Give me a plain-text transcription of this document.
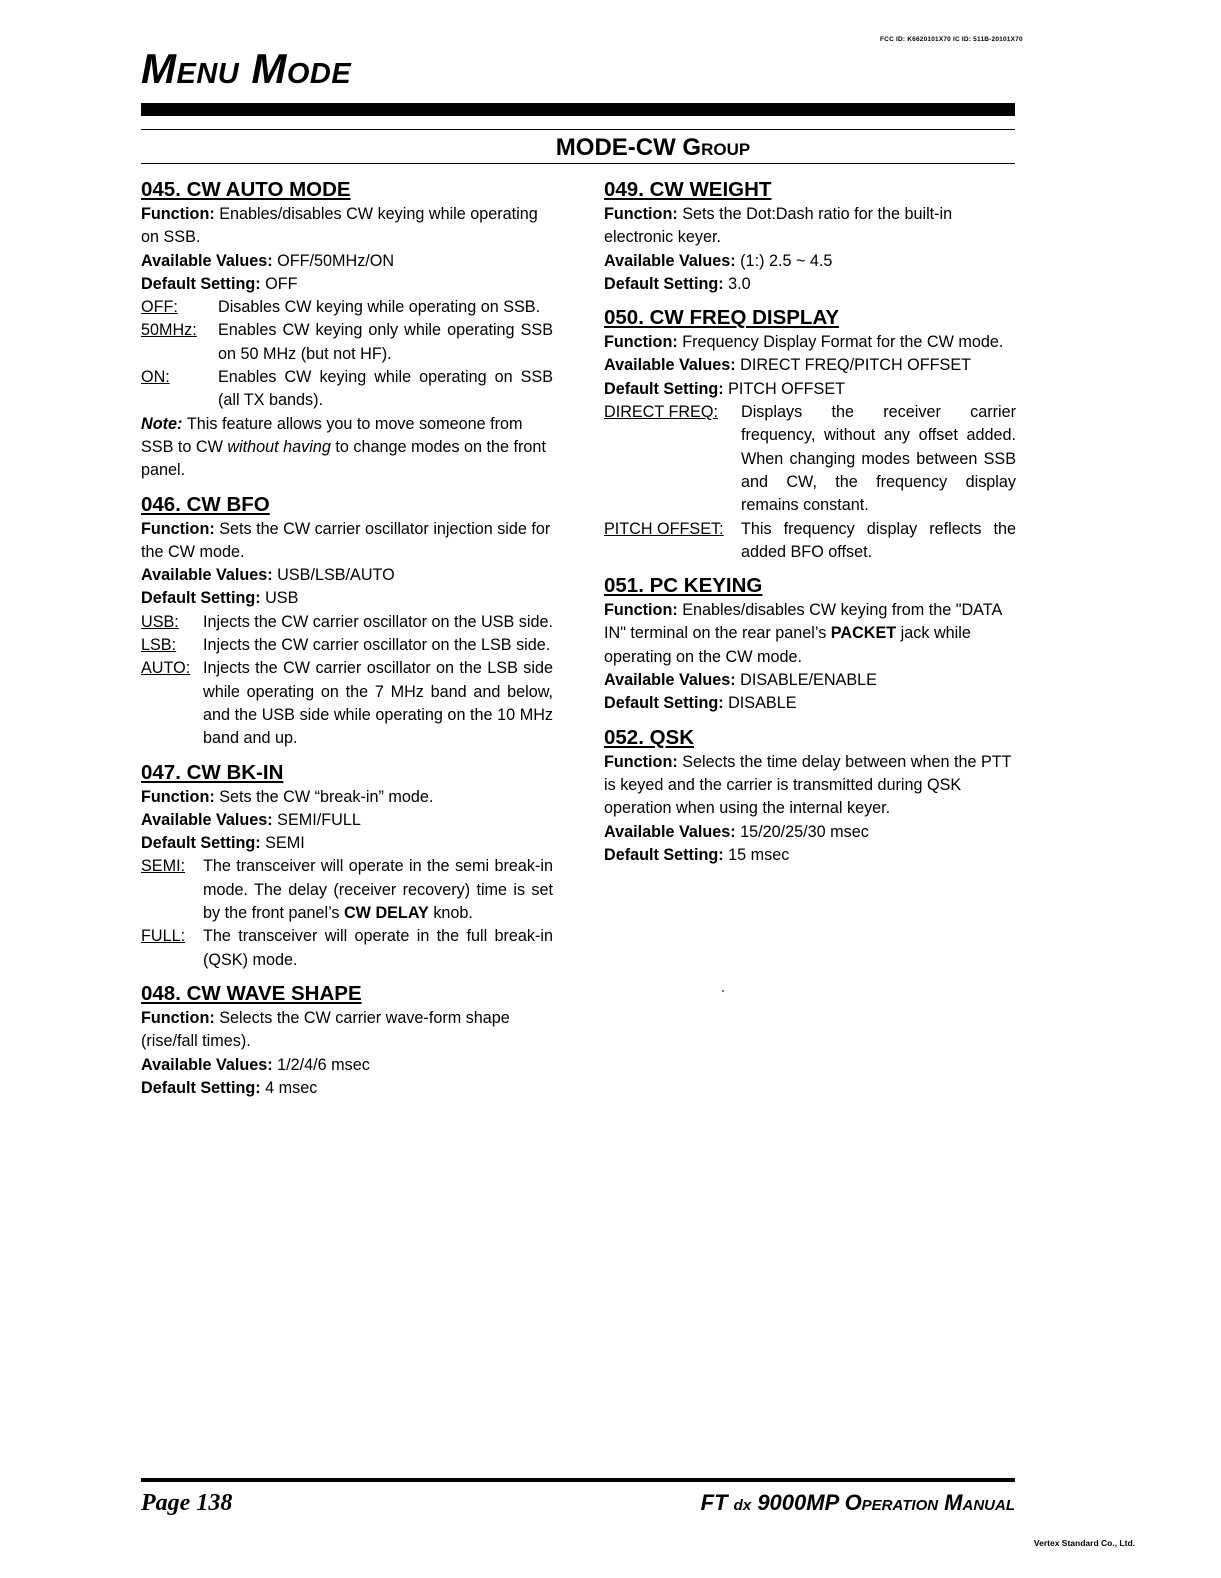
FCC ID: K6620101X70 IC ID: 511B-20101X70
Menu Mode
MODE-CW Group
045. CW AUTO MODE

Function: Enables/disables CW keying while operating on SSB.

Available Values: OFF/50MHz/ON

Default Setting: OFF

OFF:	Disables CW keying while operating on SSB.
50MHz:	Enables CW keying only while operating SSB on 50 MHz (but not HF).
ON:	Enables CW keying while operating on SSB (all TX bands).

Note: This feature allows you to move someone from SSB to CW without having to change modes on the front panel.

046. CW BFO

Function: Sets the CW carrier oscillator injection side for the CW mode.

Available Values: USB/LSB/AUTO

Default Setting: USB

USB:	Injects the CW carrier oscillator on the USB side.
LSB:	Injects the CW carrier oscillator on the LSB side.
AUTO: Injects the CW carrier oscillator on the LSB side while operating on the 7 MHz band and below, and the USB side while operating on the 10 MHz band and up.
047. CW BK-IN

Function: Sets the CW “break-in” mode.

Available Values: SEMI/FULL

Default Setting: SEMI

SEMI:	The transceiver will operate in the semi break-in mode. The delay (receiver recovery) time is set by the front panel’s CW DELAY knob.
FULL:	The transceiver will operate in the full break-in (QSK) mode.
048. CW WAVE SHAPE

Function: Selects the CW carrier wave-form shape (rise/fall times).

Available Values: 1/2/4/6 msec

Default Setting: 4 msec

049. CW WEIGHT

Function: Sets the Dot:Dash ratio for the built-in electronic keyer.

Available Values: (1:) 2.5 ~ 4.5

Default Setting: 3.0

050. CW FREQ DISPLAY

Function: Frequency Display Format for the CW mode.

Available Values: DIRECT FREQ/PITCH OFFSET

Default Setting: PITCH OFFSET

DIRECT FREQ:	Displays the receiver carrier frequency, without any offset added. When changing modes between SSB and CW, the frequency display remains constant.
PITCH OFFSET:	This frequency display reflects the added BFO offset.
051. PC KEYING

Function: Enables/disables CW keying from the "DATA IN" terminal on the rear panel’s PACKET jack while operating on the CW mode.

Available Values: DISABLE/ENABLE

Default Setting: DISABLE

052. QSK

Function: Selects the time delay between when the PTT is keyed and the carrier is transmitted during QSK operation when using the internal keyer.

Available Values: 15/20/25/30 msec

Default Setting: 15 msec

Page 138	FT dx 9000MP Operation Manual
Vertex Standard Co., Ltd.
